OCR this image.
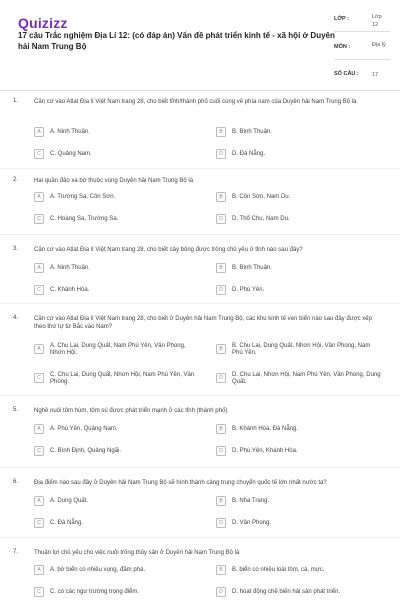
Quizizz
17 câu Trắc nghiệm Địa Lí 12: (có đáp án) Vấn đề phát triển kinh tế - xã hội ở Duyên hải Nam Trung Bộ
LỚP :	Lớp 12
MÔN :	Địa lý
SỐ CÂU : 17
1.	Căn cứ vào Atlat Địa lí Việt Nam trang 28, cho biết tỉnh/thành phố cuối cùng về phía nam của Duyên hải Nam Trung Bộ là
A	A. Ninh Thuận.	B	B. Bình Thuận.
C	C. Quảng Nam.	D	D. Đà Nẵng.
2.	Hai quần đảo xa bờ thuộc vùng Duyên hải Nam Trung Bộ là
A	A. Trường Sa, Côn Sơn.	B	B. Côn Sơn, Nam Du.
C	C. Hoàng Sa, Trường Sa.	D	D. Thổ Chu, Nam Du.
3.	Căn cứ vào Atlat Địa lí Việt Nam trang 28, cho biết cây bông được trồng chủ yếu ở tỉnh nào sau đây?
A	A. Ninh Thuận.	B	B. Bình Thuận.
C	C. Khánh Hòa.	D	D. Phú Yên.
4.	Căn cứ vào Atlat Địa lí Việt Nam trang 28, cho biết ở Duyên hải Nam Trung Bộ, các khu kinh tế ven biển nào sau đây được xếp theo thứ tự từ Bắc vào Nam?
A
A. Chu Lai, Dung Quất, Nam Phú Yên, Vân Phong, Nhơn Hội.
B
B. Chu Lai, Dung Quất, Nhơn Hội, Vân Phong, Nam Phú Yên.
C
C. Chu Lai, Dung Quất, Nhơn Hội, Nam Phú Yên, Vân Phong.
D
D. Chu Lai, Nhơn Hội, Nam Phú Yên, Vân Phong, Dung Quất.
5.	Nghề nuôi tôm hùm, tôm sú được phát triển mạnh ở các tỉnh (thành phố)
A	A. Phú Yên, Quảng Nam.	B	B. Khánh Hòa, Đà Nẵng.
C	C. Bình Định, Quảng Ngãi.	D	D. Phú Yên, Khánh Hòa.
6.	Địa điểm nào sau đây ở Duyên hải Nam Trung Bộ sẽ hình thành cảng trung chuyển quốc tế lớn nhất nước ta?
A	A. Dung Quất.	B	B. Nha Trang.
C	C. Đà Nẵng.	D	D. Vân Phong.
7.	Thuận lợi chủ yếu cho việc nuôi trồng thủy sản ở Duyên hải Nam Trung Bộ là
A	A. bờ biển có nhiều vụng, đầm phá.	B	B. biển có nhiều loài tôm, cá, mực.
C	C. có các ngư trường trọng điểm.	D	D. hoạt động chế biến hải sản phát triển.
